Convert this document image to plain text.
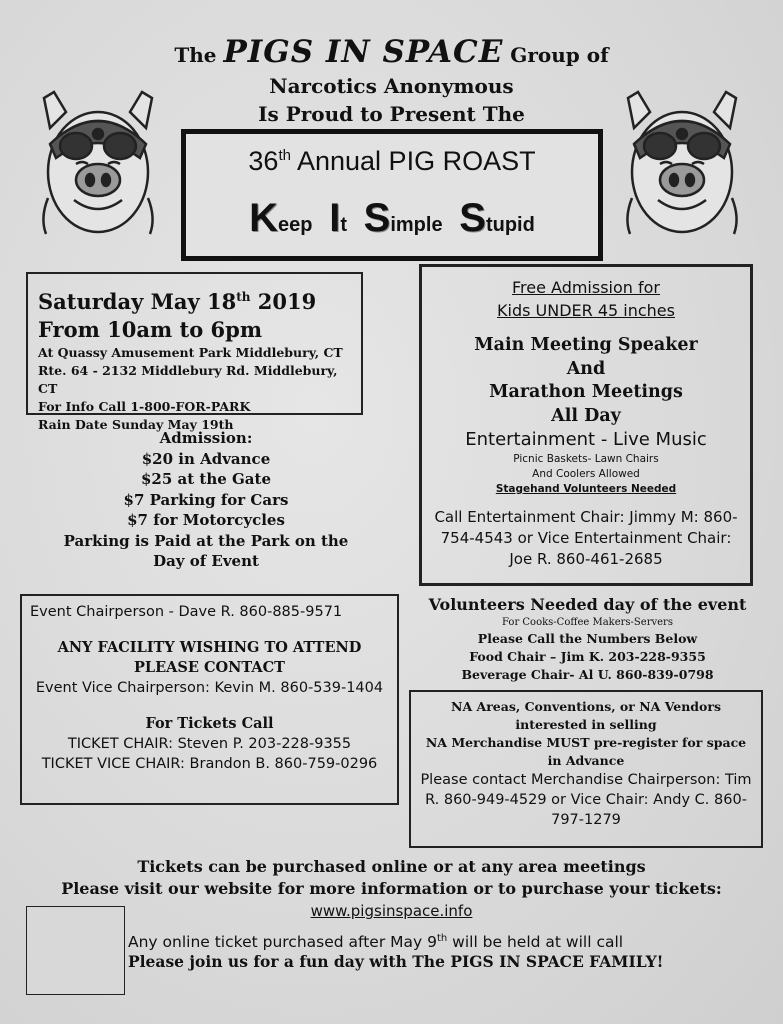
The PIGS IN SPACE Group of
Narcotics Anonymous
Is Proud to Present The
36th Annual PIG ROAST
Keep It Simple Stupid
Saturday May 18th 2019
From 10am to 6pm
At Quassy Amusement Park Middlebury, CT
Rte. 64 - 2132 Middlebury Rd. Middlebury, CT
For Info Call 1-800-FOR-PARK
Rain Date Sunday May 19th
Admission:
$20 in Advance
$25 at the Gate
$7 Parking for Cars
$7 for Motorcycles
Parking is Paid at the Park on the
Day of Event
Free Admission for
Kids UNDER 45 inches
Main Meeting Speaker
And
Marathon Meetings
All Day
Entertainment - Live Music
Picnic Baskets- Lawn Chairs
And Coolers Allowed
Stagehand Volunteers Needed
Call Entertainment Chair: Jimmy M: 860-754-4543 or Vice Entertainment Chair: Joe R. 860-461-2685
Event Chairperson - Dave R. 860-885-9571
ANY FACILITY WISHING TO ATTEND PLEASE CONTACT
Event Vice Chairperson: Kevin M. 860-539-1404
For Tickets Call
TICKET CHAIR: Steven P. 203-228-9355
TICKET VICE CHAIR: Brandon B. 860-759-0296
Volunteers Needed day of the event
For Cooks-Coffee Makers-Servers
Please Call the Numbers Below
Food Chair – Jim K. 203-228-9355
Beverage Chair- Al U. 860-839-0798
NA Areas, Conventions, or NA Vendors interested in selling
NA Merchandise MUST pre-register for space in Advance
Please contact Merchandise Chairperson: Tim R. 860-949-4529 or Vice Chair: Andy C. 860-797-1279
Tickets can be purchased online or at any area meetings
Please visit our website for more information or to purchase your tickets:
www.pigsinspace.info
Any online ticket purchased after May 9th will be held at will call
Please join us for a fun day with The PIGS IN SPACE FAMILY!
